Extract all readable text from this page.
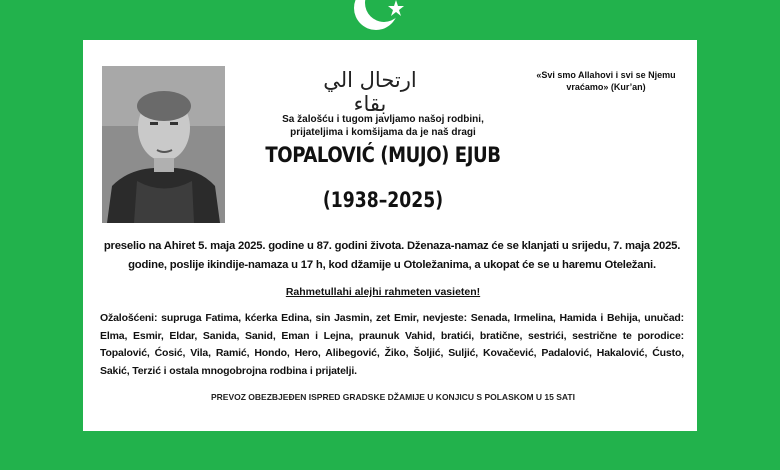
ارتحال الي بقاء
«Svi smo Allahovi i svi se Njemu vraćamo» (Kur’an)
Sa žalošću i tugom javljamo našoj rodbini, prijateljima i komšijama da je naš dragi
TOPALOVIĆ (MUJO) EJUB
(1938–2025)
preselio na Ahiret 5. maja 2025. godine u 87. godini života. Dženaza-namaz će se klanjati u srijedu, 7. maja 2025. godine, poslije ikindije-namaza u 17 h, kod džamije u Otoležanima, a ukopat će se u haremu Oteležani.
Rahmetullahi alejhi rahmeten vasieten!
Ožalošćeni: supruga Fatima, kćerka Edina, sin Jasmin, zet Emir, nevjeste: Senada, Irmelina, Hamida i Behija, unučad: Elma, Esmir, Eldar, Sanida, Sanid, Eman i Lejna, praunuk Vahid, bratići, bratične, sestrići, sestrične te porodice: Topalović, Ćosić, Vila, Ramić, Hondo, Hero, Alibegović, Žiko, Šoljić, Suljić, Kovačević, Padalović, Hakalović, Ćusto, Sakić, Terzić i ostala mnogobrojna rodbina i prijatelji.
PREVOZ OBEZBJEĐEN ISPRED GRADSKE DŽAMIJE U KONJICU S POLASKOM U 15 SATI
